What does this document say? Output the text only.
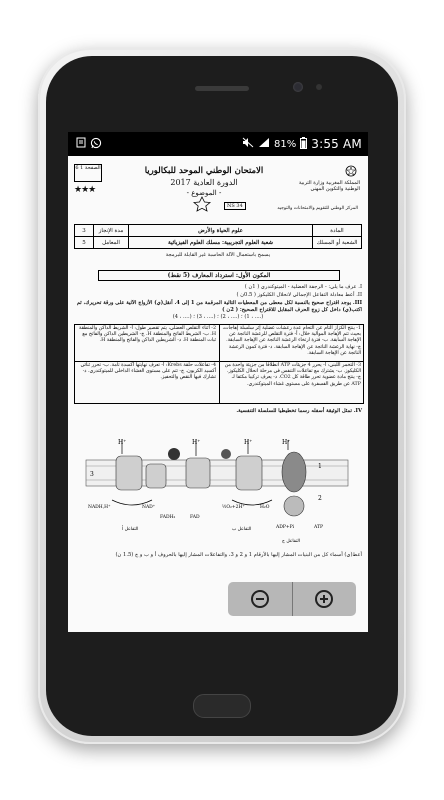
81% 3:55 AM
الصفحة 1 6
★★★
الامتحان الوطني الموحد للبكالوريا
الدورة العادية 2017
- الموضوع -
المملكة المغربية وزارة التربية الوطنية والتكوين المهني
NS 34	المركز الوطني للتقويم والامتحانات والتوجيه
3	مدة الإنجاز	علوم الحياة والأرض	المادة
5	المعامل	شعبة العلوم التجريبية: مسلك العلوم الفيزيائية	الشعبة أو المسلك
يسمح باستعمال الآلة الحاسبة غير القابلة للبرمجة
المكون الأول: استرداد المعارف (5 نقط)
I. عرف ما يلي: - الرجفة العضلية - الميتوكندري ( 1ن )
II. أعط معادلة التفاعل الإجمالي لانحلال الكليكوز ( 0.5ن )
III. يوجد اقتراح صحيح بالنسبة لكل معطى من المعطيات التالية المرقمة من 1 إلى 4. أنقل(ي) الأزواج الآتية على ورقة تحريرك، ثم اكتب(ي) داخل كل زوج الحرف المقابل للاقتراح الصحيح: ( 2ن )
(.... ، 1) ؛ (.... ، 2) ؛ (.... ، 3) ؛ (.... ، 4)
1- ينتج الكزاز التام عن التحام عدة رعشات عضلية إثر سلسلة إهاجات، بحيث تتم الإهاجة الموالية خلال: أ- فترة التقلص للرعشة الناتجة عن الإهاجة السابقة. ب- فترة ارتخاء الرعشة الناتجة عن الإهاجة السابقة. ج- نهاية الرعشة الناتجة عن الإهاجة السابقة. د- فترة كمون الرعشة الناتجة عن الإهاجة السابقة.
2- أثناء التقلص العضلي، يتم تقصير طول: أ- الشريط الداكن والمنطقة H. ب- الشريط الفاتح والمنطقة H. ج- الشريطين الداكن والفاتح مع ثبات المنطقة H. د- الشريطين الداكن والفاتح والمنطقة H.
3- التخمر اللبني: أ- يحرر 4 جزيئات ATP انطلاقا من جزيئة واحدة من الكليكوز. ب- يشترك مع تفاعلات التنفس في مرحلة انحلال الكليكوز. ج- ينتج مادة عضوية تحرر طاقة كل CO2. د- يعرف تركيبا مكثفا لـ ATP عن طريق الفسفرة على مستوى غشاء الميتوكندري.
4- تفاعلات حلقة Krebs: أ- تعرف نهايتها أكسدة تامة. ب- تحرر ثنائي أكسيد الكربون. ج- تتم على مستوى الغشاء الداخلي للميتوكندري. د- تشارك فيها النقص والتحفيز.
IV. تمثل الوثيقة أسفله رسما تخطيطيا للسلسلة التنفسية.
H⁺	H⁺	H⁺	H⁺
3
1
2
NADH,H⁺	NAD⁺
FADH₂	FAD
½O₂+2H⁺	H₂O
ADP+Pi	ATP
التفاعل أ	التفاعل ب
التفاعل ج
أعط(ي) أسماء كل من البنيات المشار إليها بالأرقام 1 و 2 و 3، والتفاعلات المشار إليها بالحروف أ و ب و ج (1.5 ن)
